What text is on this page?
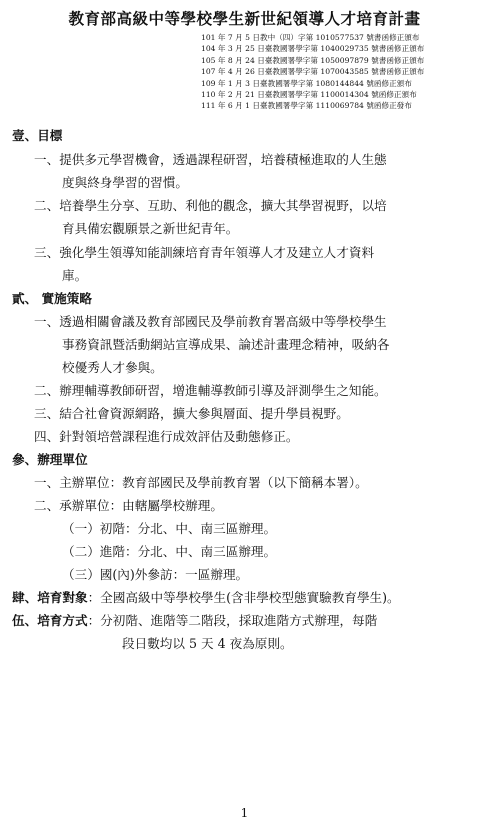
教育部高級中等學校學生新世紀領導人才培育計畫
101 年 7 月 5 日教中（四）字第 1010577537 號書函修正頒布
104 年 3 月 25 日臺教國署學字第 1040029735 號書函修正頒布
105 年 8 月 24 日臺教國署學字第 1050097879 號書函修正頒布
107 年 4 月 26 日臺教國署學字第 1070043585 號書函修正頒布
109 年 1 月 3 日臺教國署學字第 1080144844 號函修正頒布
110 年 2 月 21 日臺教國署學字第 1100014304 號函修正頒布
111 年 6 月 1 日臺教國署學字第 1110069784 號函修正發布
壹、目標
一、提供多元學習機會，透過課程研習，培養積極進取的人生態
度與終身學習的習慣。
二、培養學生分享、互助、利他的觀念，擴大其學習視野，以培
育具備宏觀願景之新世紀青年。
三、強化學生領導知能訓練培育青年領導人才及建立人才資料
庫。
貳、 實施策略
一、透過相關會議及教育部國民及學前教育署高級中等學校學生
事務資訊暨活動網站宣導成果、論述計畫理念精神，吸納各
校優秀人才參與。
二、辦理輔導教師研習，增進輔導教師引導及評測學生之知能。
三、結合社會資源網路，擴大參與層面、提升學員視野。
四、針對領培營課程進行成效評估及動態修正。
參、辦理單位
一、主辦單位：教育部國民及學前教育署（以下簡稱本署）。
二、承辦單位：由轄屬學校辦理。
（一）初階：分北、中、南三區辦理。
（二）進階：分北、中、南三區辦理。
（三）國(內)外參訪：一區辦理。
肆、培育對象：全國高級中等學校學生(含非學校型態實驗教育學生)。
伍、培育方式：分初階、進階等二階段，採取進階方式辦理，每階
段日數均以 5 天 4 夜為原則。
1
